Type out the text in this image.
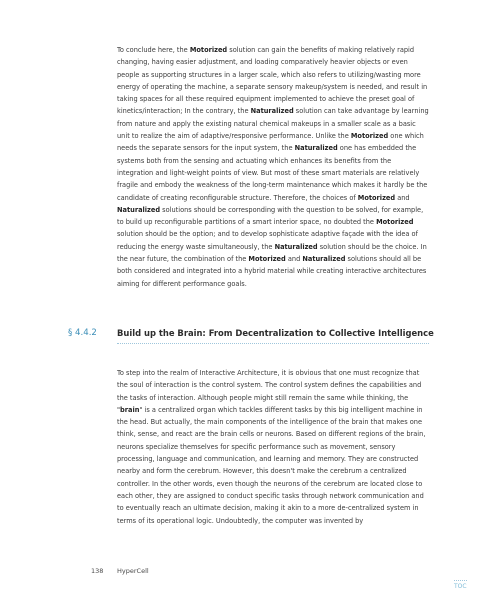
To conclude here, the Motorized solution can gain the benefits of making relatively rapid changing, having easier adjustment, and loading comparatively heavier objects or even people as supporting structures in a larger scale, which also refers to utilizing/wasting more energy of operating the machine, a separate sensory makeup/system is needed, and result in taking spaces for all these required equipment implemented to achieve the preset goal of kinetics/interaction; In the contrary, the Naturalized solution can take advantage by learning from nature and apply the existing natural chemical makeups in a smaller scale as a basic unit to realize the aim of adaptive/responsive performance. Unlike the Motorized one which needs the separate sensors for the input system, the Naturalized one has embedded the systems both from the sensing and actuating which enhances its benefits from the integration and light-weight points of view. But most of these smart materials are relatively fragile and embody the weakness of the long-term maintenance which makes it hardly be the candidate of creating reconfigurable structure. Therefore, the choices of Motorized and Naturalized solutions should be corresponding with the question to be solved, for example, to build up reconfigurable partitions of a smart interior space, no doubted the Motorized solution should be the option; and to develop sophisticate adaptive façade with the idea of reducing the energy waste simultaneously, the Naturalized solution should be the choice. In the near future, the combination of the Motorized and Naturalized solutions should all be both considered and integrated into a hybrid material while creating interactive architectures aiming for different performance goals.

§ 4.4.2 Build up the Brain: From Decentralization to Collective Intelligence

To step into the realm of Interactive Architecture, it is obvious that one must recognize that the soul of interaction is the control system. The control system defines the capabilities and the tasks of interaction. Although people might still remain the same while thinking, the "brain" is a centralized organ which tackles different tasks by this big intelligent machine in the head. But actually, the main components of the intelligence of the brain that makes one think, sense, and react are the brain cells or neurons. Based on different regions of the brain, neurons specialize themselves for specific performance such as movement, sensory processing, language and communication, and learning and memory. They are constructed nearby and form the cerebrum. However, this doesn't make the cerebrum a centralized controller. In the other words, even though the neurons of the cerebrum are located close to each other, they are assigned to conduct specific tasks through network communication and to eventually reach an ultimate decision, making it akin to a more de-centralized system in terms of its operational logic. Undoubtedly, the computer was invented by

138 HyperCell
TOC
